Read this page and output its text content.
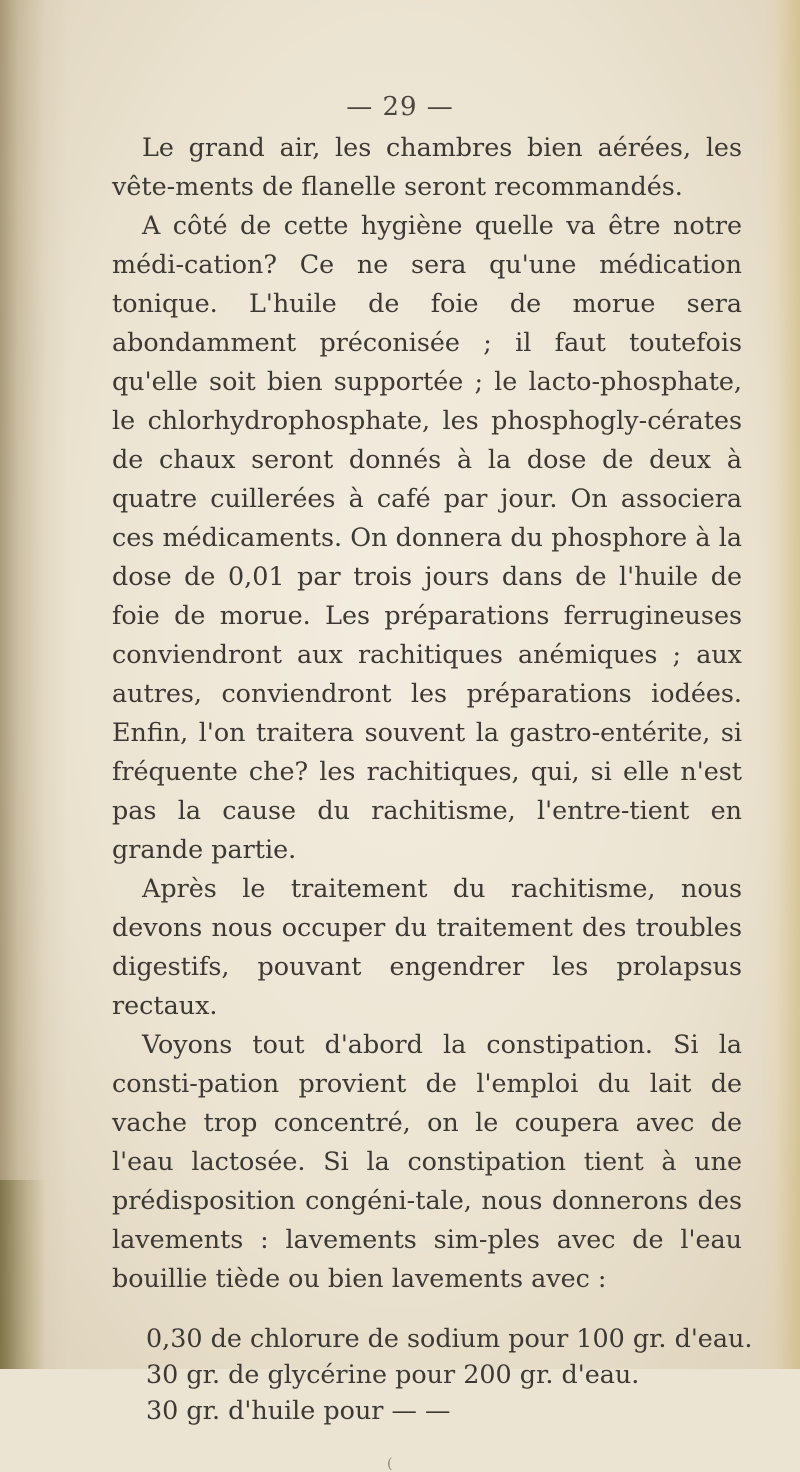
— 29 —

Le grand air, les chambres bien aérées, les vête-ments de flanelle seront recommandés.

A côté de cette hygiène quelle va être notre médi-cation? Ce ne sera qu'une médication tonique. L'huile de foie de morue sera abondamment préconisée ; il faut toutefois qu'elle soit bien supportée ; le lacto-phosphate, le chlorhydrophosphate, les phosphogly-cérates de chaux seront donnés à la dose de deux à quatre cuillerées à café par jour. On associera ces médicaments. On donnera du phosphore à la dose de 0,01 par trois jours dans de l'huile de foie de morue. Les préparations ferrugineuses conviendront aux rachitiques anémiques ; aux autres, conviendront les préparations iodées. Enfin, l'on traitera souvent la gastro-entérite, si fréquente che? les rachitiques, qui, si elle n'est pas la cause du rachitisme, l'entre-tient en grande partie.

Après le traitement du rachitisme, nous devons nous occuper du traitement des troubles digestifs, pouvant engendrer les prolapsus rectaux.

Voyons tout d'abord la constipation. Si la consti-pation provient de l'emploi du lait de vache trop concentré, on le coupera avec de l'eau lactosée. Si la constipation tient à une prédisposition congéni-tale, nous donnerons des lavements : lavements sim-ples avec de l'eau bouillie tiède ou bien lavements avec :

0,30 de chlorure de sodium pour 100 gr. d'eau.
30 gr. de glycérine pour 200 gr. d'eau.
30 gr. d'huile pour — —
(
